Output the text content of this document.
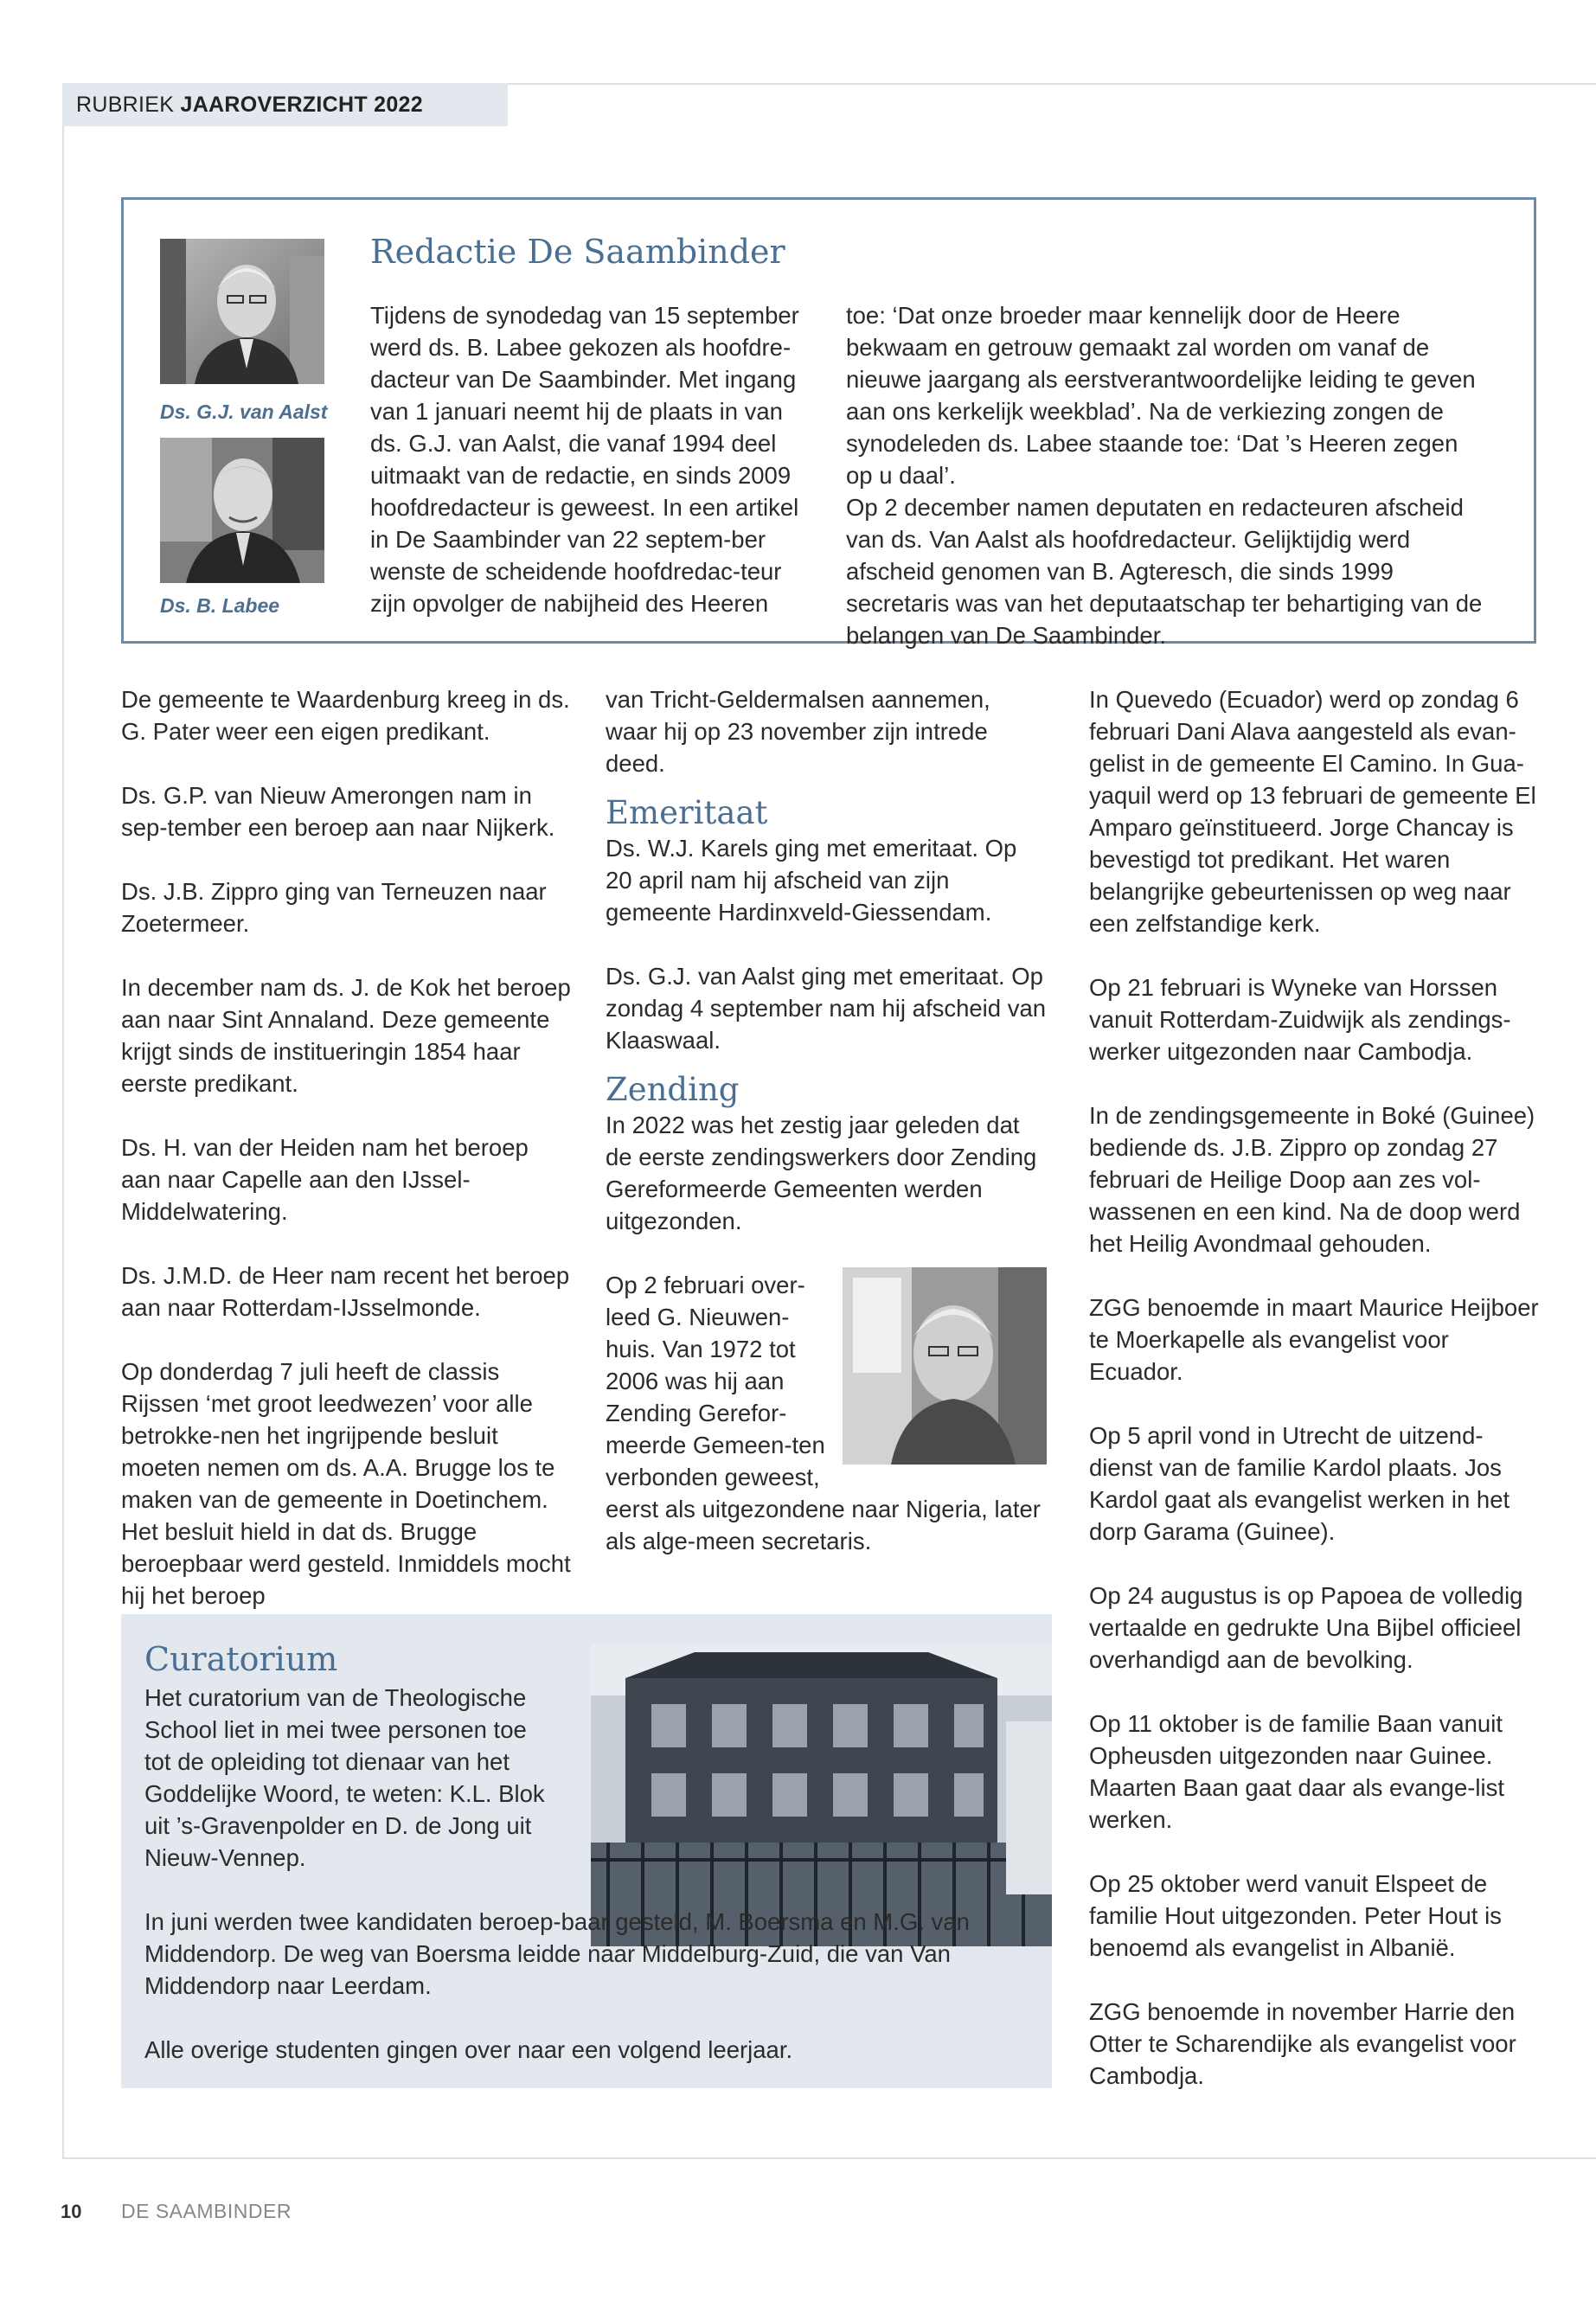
RUBRIEK JAAROVERZICHT 2022
Ds. G.J. van Aalst
Ds. B. Labee
Redactie De Saambinder

Tijdens de synodedag van 15 september werd ds. B. Labee gekozen als hoofdre-dacteur van De Saambinder. Met ingang van 1 januari neemt hij de plaats in van ds. G.J. van Aalst, die vanaf 1994 deel uitmaakt van de redactie, en sinds 2009 hoofdredacteur is geweest. In een artikel in De Saambinder van 22 septem-ber wenste de scheidende hoofdredac-teur zijn opvolger de nabijheid des Heeren

toe: ‘Dat onze broeder maar kennelijk door de Heere bekwaam en getrouw gemaakt zal worden om vanaf de nieuwe jaargang als eerstverantwoordelijke leiding te geven aan ons kerkelijk weekblad’. Na de verkiezing zongen de synodeleden ds. Labee staande toe: ‘Dat ’s Heeren zegen op u daal’.
Op 2 december namen deputaten en redacteuren afscheid van ds. Van Aalst als hoofdredacteur. Gelijktijdig werd afscheid genomen van B. Agteresch, die sinds 1999 secretaris was van het deputaatschap ter behartiging van de belangen van De Saambinder.

De gemeente te Waardenburg kreeg in ds. G. Pater weer een eigen predikant.

Ds. G.P. van Nieuw Amerongen nam in sep-tember een beroep aan naar Nijkerk.

Ds. J.B. Zippro ging van Terneuzen naar Zoetermeer.

In december nam ds. J. de Kok het beroep aan naar Sint Annaland. Deze gemeente krijgt sinds de institueringin 1854 haar eerste predikant.

Ds. H. van der Heiden nam het beroep aan naar Capelle aan den IJssel-Middelwatering.

Ds. J.M.D. de Heer nam recent het beroep aan naar Rotterdam-IJsselmonde.

Op donderdag 7 juli heeft de classis Rijssen ‘met groot leedwezen’ voor alle betrokke-nen het ingrijpende besluit moeten nemen om ds. A.A. Brugge los te maken van de gemeente in Doetinchem. Het besluit hield in dat ds. Brugge beroepbaar werd gesteld. Inmiddels mocht hij het beroep

van Tricht-Geldermalsen aannemen, waar hij op 23 november zijn intrede deed.

Emeritaat

Ds. W.J. Karels ging met emeritaat. Op 20 april nam hij afscheid van zijn gemeente Hardinxveld-Giessendam.

Ds. G.J. van Aalst ging met emeritaat. Op zondag 4 september nam hij afscheid van Klaaswaal.

Zending

In 2022 was het zestig jaar geleden dat de eerste zendingswerkers door Zending Gereformeerde Gemeenten werden uitgezonden.

Op 2 februari over-leed G. Nieuwen-huis. Van 1972 tot 2006 was hij aan Zending Gerefor-meerde Gemeen-ten verbonden geweest, eerst als uitgezondene naar Nigeria, later als alge-meen secretaris.

In Quevedo (Ecuador) werd op zondag 6 februari Dani Alava aangesteld als evan-gelist in de gemeente El Camino. In Gua-yaquil werd op 13 februari de gemeente El Amparo geïnstitueerd. Jorge Chancay is bevestigd tot predikant. Het waren belangrijke gebeurtenissen op weg naar een zelfstandige kerk.

Op 21 februari is Wyneke van Horssen vanuit Rotterdam-Zuidwijk als zendings-werker uitgezonden naar Cambodja.

In de zendingsgemeente in Boké (Guinee) bediende ds. J.B. Zippro op zondag 27 februari de Heilige Doop aan zes vol-wassenen en een kind. Na de doop werd het Heilig Avondmaal gehouden.

ZGG benoemde in maart Maurice Heijboer te Moerkapelle als evangelist voor Ecuador.

Op 5 april vond in Utrecht de uitzend-dienst van de familie Kardol plaats. Jos Kardol gaat als evangelist werken in het dorp Garama (Guinee).

Op 24 augustus is op Papoea de volledig vertaalde en gedrukte Una Bijbel officieel overhandigd aan de bevolking.

Op 11 oktober is de familie Baan vanuit Opheusden uitgezonden naar Guinee. Maarten Baan gaat daar als evange-list werken.

Op 25 oktober werd vanuit Elspeet de familie Hout uitgezonden. Peter Hout is benoemd als evangelist in Albanië.

ZGG benoemde in november Harrie den Otter te Scharendijke als evangelist voor Cambodja.

Curatorium

Het curatorium van de Theologische School liet in mei twee personen toe tot de opleiding tot dienaar van het Goddelijke Woord, te weten: K.L. Blok uit ’s-Gravenpolder en D. de Jong uit Nieuw-Vennep.

In juni werden twee kandidaten beroep-baar gesteld, M. Boersma en M.G. van Middendorp. De weg van Boersma leidde naar Middelburg-Zuid, die van Van Middendorp naar Leerdam.

Alle overige studenten gingen over naar een volgend leerjaar.

10 DE SAAMBINDER
